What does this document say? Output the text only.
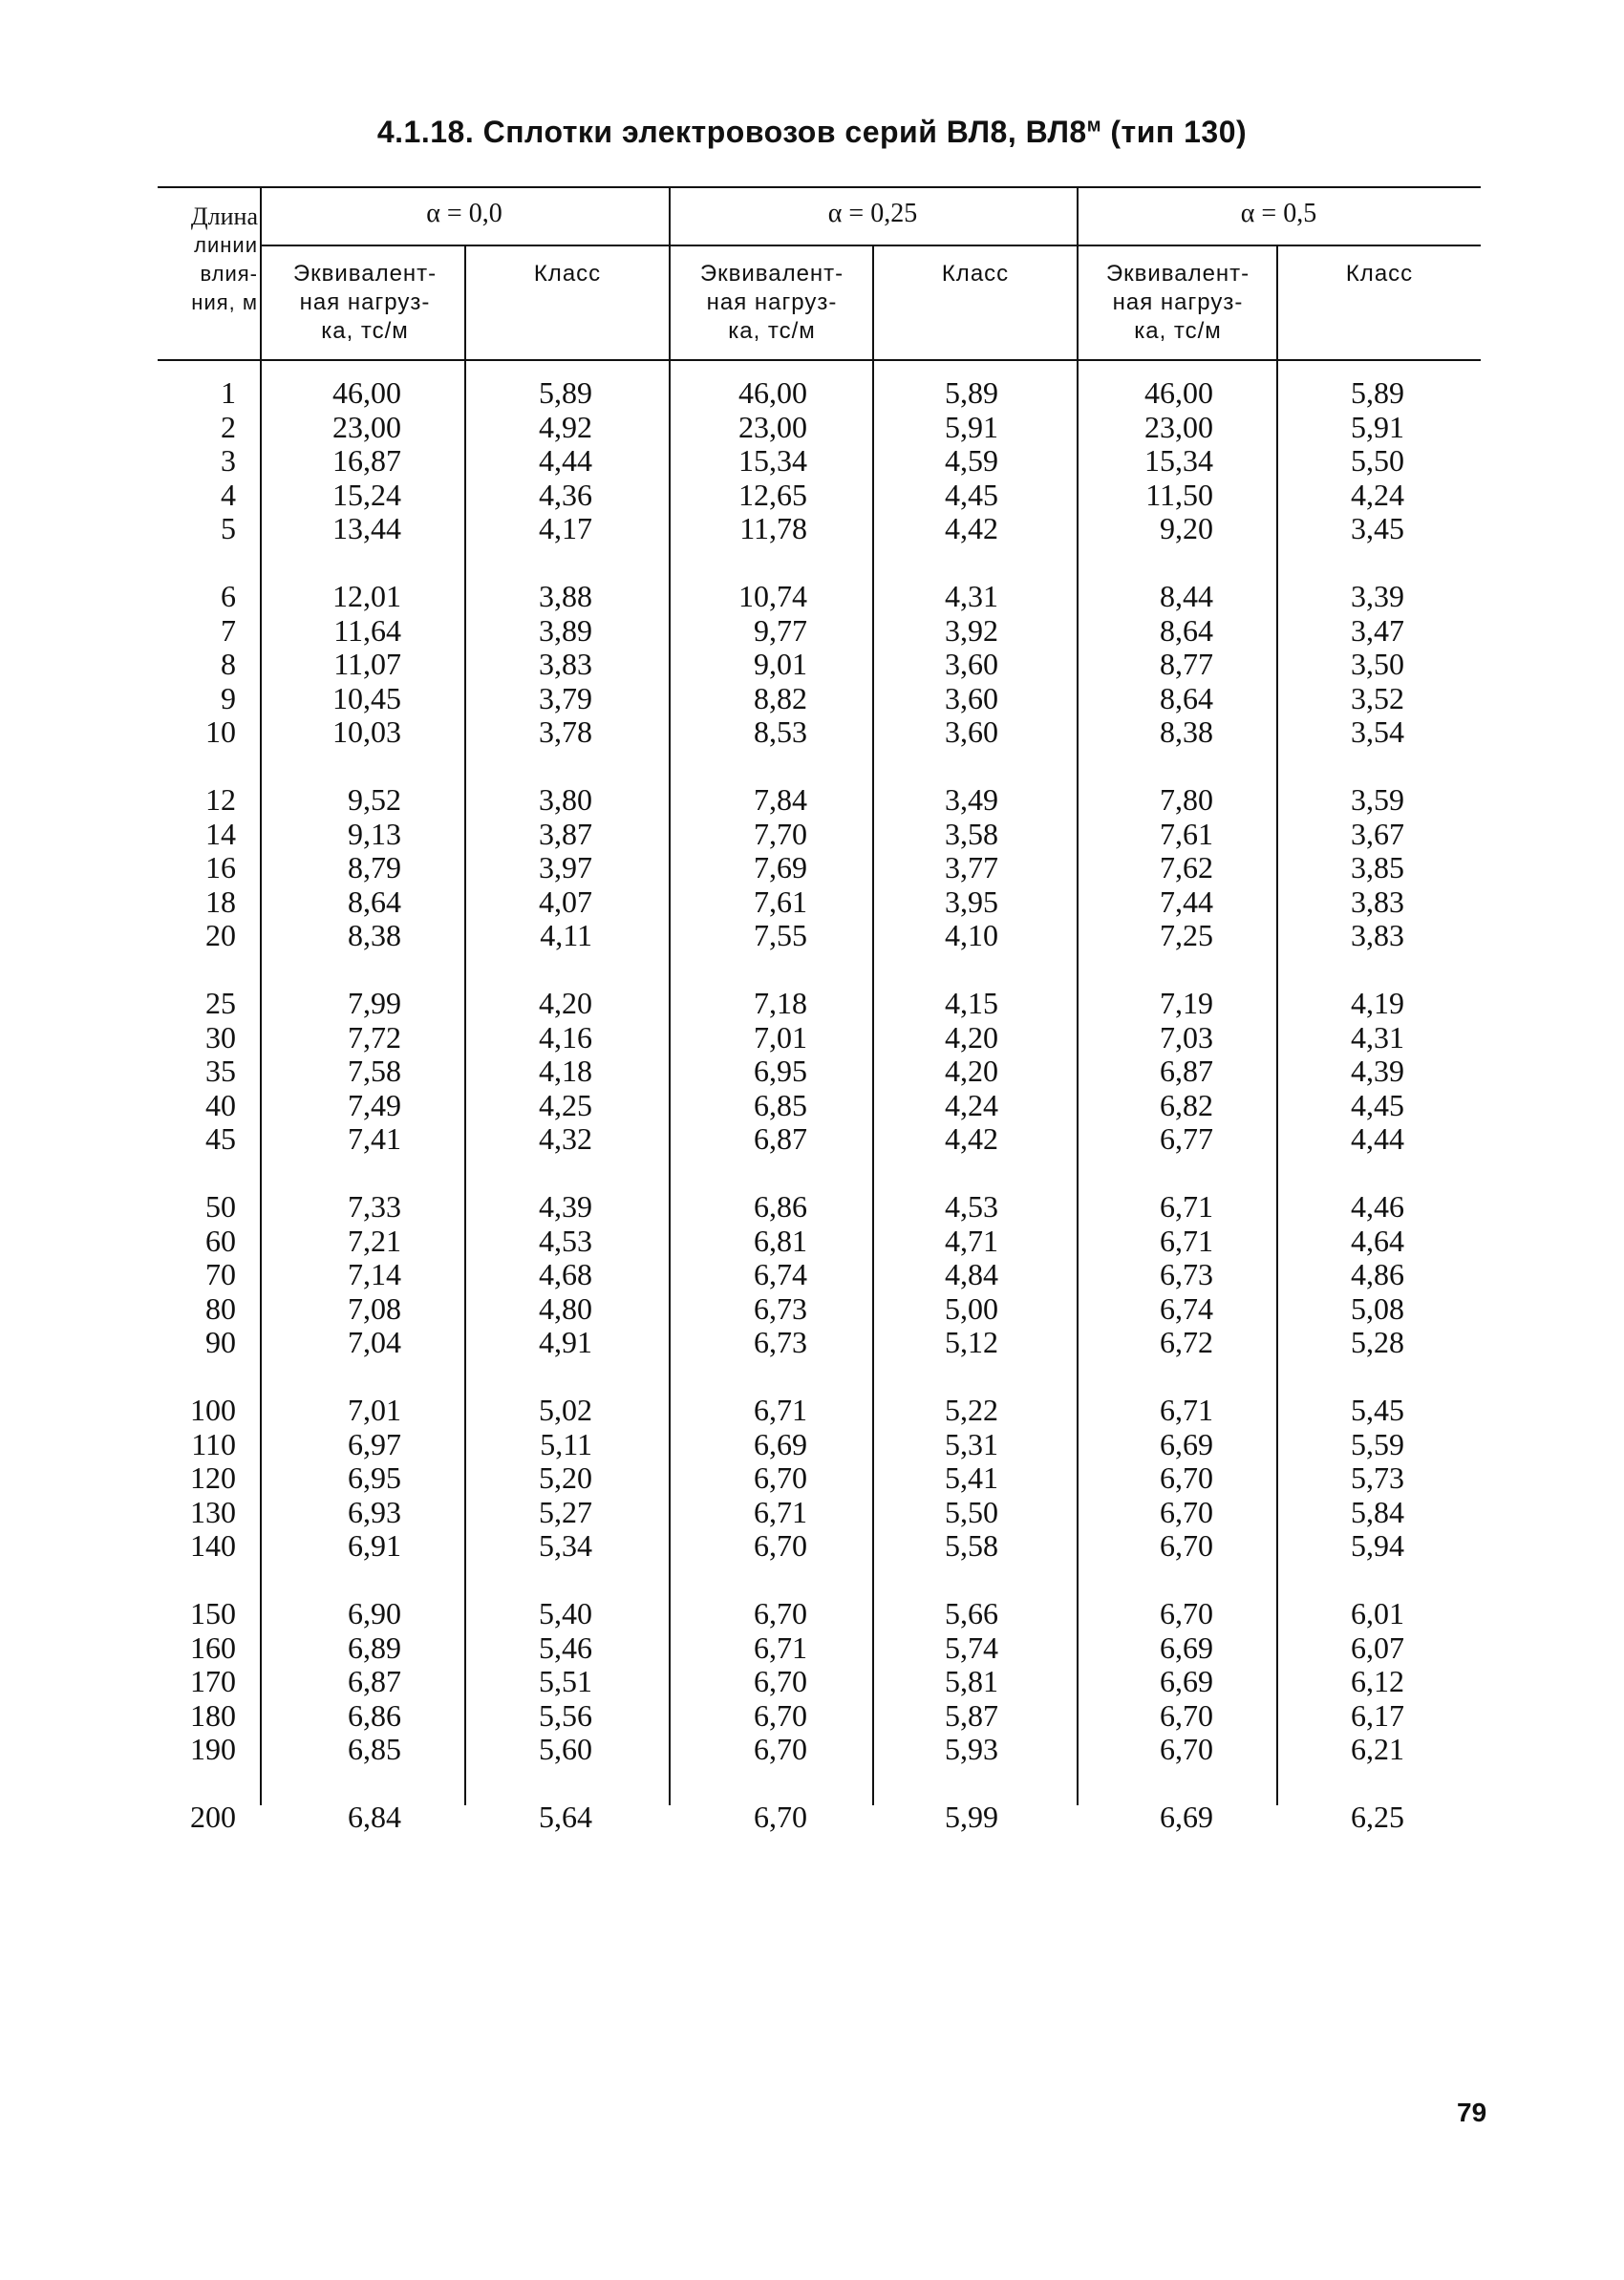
4.1.18. Сплотки электровозов серий ВЛ8, $ВЛ8^м$ (тип 130)
Длина
линии
влия-
ния, м
α = 0,0	α = 0,25	α = 0,5
Эквивалент-
ная нагруз-
ка, тс/м
Класс	Эквивалент-
ная нагруз-
ка, тс/м
Класс	Эквивалент-
ная нагруз-
ка, тс/м
Класс
1	46,00	5,89	46,00	5,89	46,00	5,89
2	23,00	4,92	23,00	5,91	23,00	5,91
3	16,87	4,44	15,34	4,59	15,34	5,50
4	15,24	4,36	12,65	4,45	11,50	4,24
5	13,44	4,17	11,78	4,42	9,20	3,45
6	12,01	3,88	10,74	4,31	8,44	3,39
7	11,64	3,89	9,77	3,92	8,64	3,47
8	11,07	3,83	9,01	3,60	8,77	3,50
9	10,45	3,79	8,82	3,60	8,64	3,52
10	10,03	3,78	8,53	3,60	8,38	3,54
12	9,52	3,80	7,84	3,49	7,80	3,59
14	9,13	3,87	7,70	3,58	7,61	3,67
16	8,79	3,97	7,69	3,77	7,62	3,85
18	8,64	4,07	7,61	3,95	7,44	3,83
20	8,38	4,11	7,55	4,10	7,25	3,83
25	7,99	4,20	7,18	4,15	7,19	4,19
30	7,72	4,16	7,01	4,20	7,03	4,31
35	7,58	4,18	6,95	4,20	6,87	4,39
40	7,49	4,25	6,85	4,24	6,82	4,45
45	7,41	4,32	6,87	4,42	6,77	4,44
50	7,33	4,39	6,86	4,53	6,71	4,46
60	7,21	4,53	6,81	4,71	6,71	4,64
70	7,14	4,68	6,74	4,84	6,73	4,86
80	7,08	4,80	6,73	5,00	6,74	5,08
90	7,04	4,91	6,73	5,12	6,72	5,28
100	7,01	5,02	6,71	5,22	6,71	5,45
110	6,97	5,11	6,69	5,31	6,69	5,59
120	6,95	5,20	6,70	5,41	6,70	5,73
130	6,93	5,27	6,71	5,50	6,70	5,84
140	6,91	5,34	6,70	5,58	6,70	5,94
150	6,90	5,40	6,70	5,66	6,70	6,01
160	6,89	5,46	6,71	5,74	6,69	6,07
170	6,87	5,51	6,70	5,81	6,69	6,12
180	6,86	5,56	6,70	5,87	6,70	6,17
190	6,85	5,60	6,70	5,93	6,70	6,21
200	6,84	5,64	6,70	5,99	6,69	6,25
79
